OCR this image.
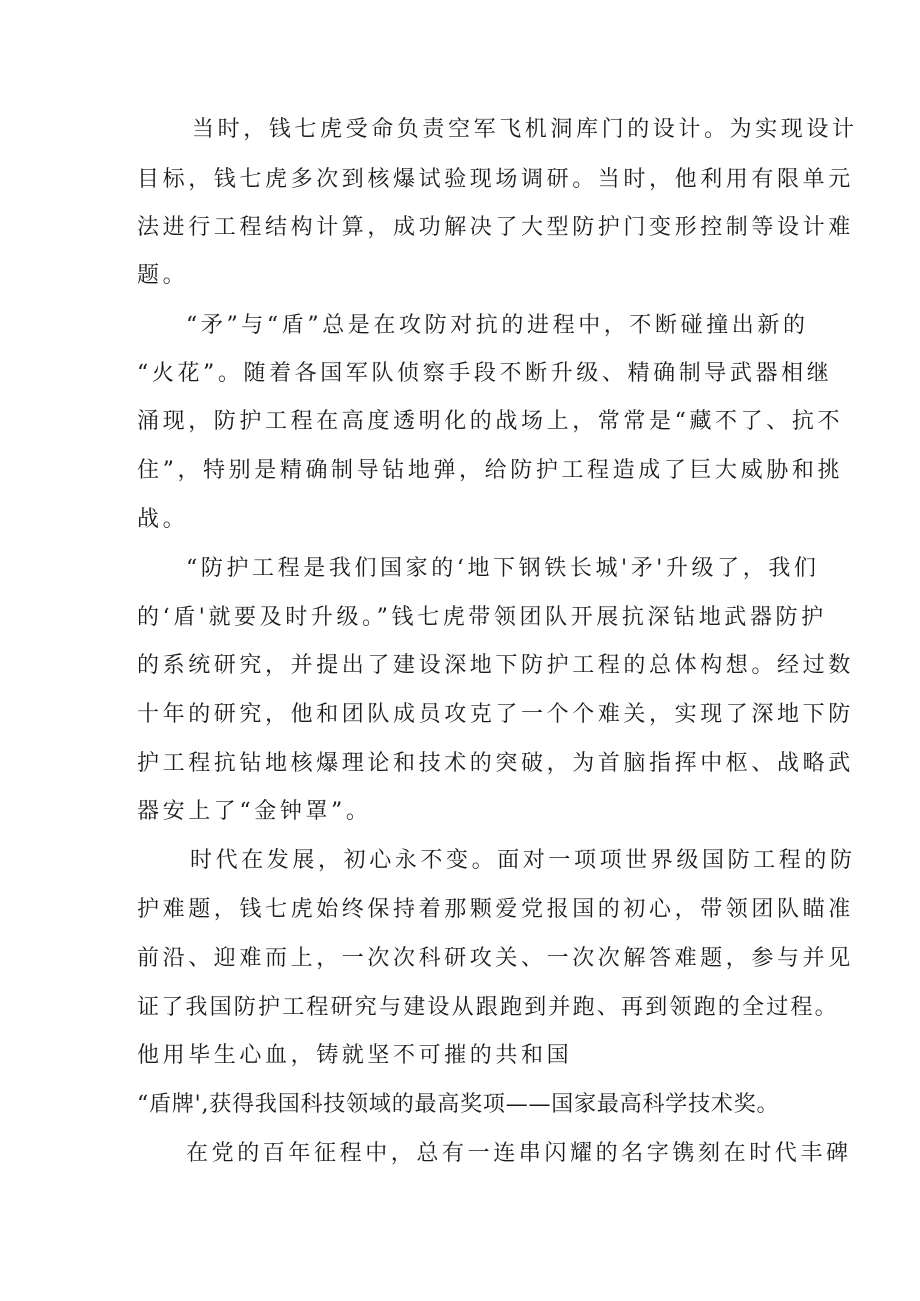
当时，钱七虎受命负责空军飞机洞库门的设计。为实现设计

目标，钱七虎多次到核爆试验现场调研。当时，他利用有限单元

法进行工程结构计算，成功解决了大型防护门变形控制等设计难

题。

“矛”与“盾”总是在攻防对抗的进程中，不断碰撞出新的

“火花”。随着各国军队侦察手段不断升级、精确制导武器相继

涌现，防护工程在高度透明化的战场上，常常是“藏不了、抗不

住”，特别是精确制导钻地弹，给防护工程造成了巨大威胁和挑

战。

“防护工程是我们国家的‘地下钢铁长城'矛'升级了，我们

的‘盾'就要及时升级。”钱七虎带领团队开展抗深钻地武器防护

的系统研究，并提出了建设深地下防护工程的总体构想。经过数

十年的研究，他和团队成员攻克了一个个难关，实现了深地下防

护工程抗钻地核爆理论和技术的突破，为首脑指挥中枢、战略武

器安上了“金钟罩”。

时代在发展，初心永不变。面对一项项世界级国防工程的防

护难题，钱七虎始终保持着那颗爱党报国的初心，带领团队瞄准

前沿、迎难而上，一次次科研攻关、一次次解答难题，参与并见

证了我国防护工程研究与建设从跟跑到并跑、再到领跑的全过程。

他用毕生心血，铸就坚不可摧的共和国

“盾牌',获得我国科技领域的最高奖项——国家最高科学技术奖。

在党的百年征程中，总有一连串闪耀的名字镌刻在时代丰碑
